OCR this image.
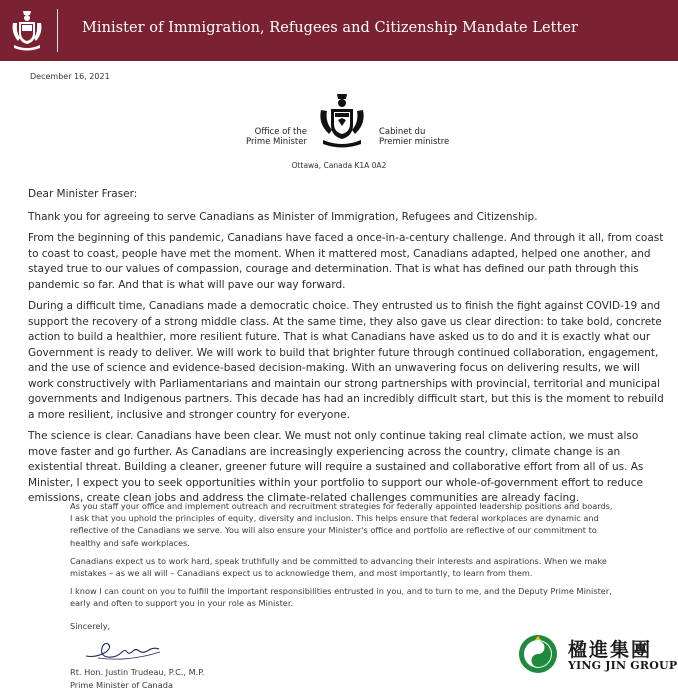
Minister of Immigration, Refugees and Citizenship Mandate Letter
December 16, 2021
Office of the
Prime Minister
Cabinet du
Premier ministre
Ottawa, Canada K1A 0A2

Dear Minister Fraser:

Thank you for agreeing to serve Canadians as Minister of Immigration, Refugees and Citizenship.

From the beginning of this pandemic, Canadians have faced a once-in-a-century challenge. And through it all, from coast to coast to coast, people have met the moment. When it mattered most, Canadians adapted, helped one another, and stayed true to our values of compassion, courage and determination. That is what has defined our path through this pandemic so far. And that is what will pave our way forward.

During a difficult time, Canadians made a democratic choice. They entrusted us to finish the fight against COVID-19 and support the recovery of a strong middle class. At the same time, they also gave us clear direction: to take bold, concrete action to build a healthier, more resilient future. That is what Canadians have asked us to do and it is exactly what our Government is ready to deliver. We will work to build that brighter future through continued collaboration, engagement, and the use of science and evidence-based decision-making. With an unwavering focus on delivering results, we will work constructively with Parliamentarians and maintain our strong partnerships with provincial, territorial and municipal governments and Indigenous partners. This decade has had an incredibly difficult start, but this is the moment to rebuild a more resilient, inclusive and stronger country for everyone.

The science is clear. Canadians have been clear. We must not only continue taking real climate action, we must also move faster and go further. As Canadians are increasingly experiencing across the country, climate change is an existential threat. Building a cleaner, greener future will require a sustained and collaborative effort from all of us. As Minister, I expect you to seek opportunities within your portfolio to support our whole-of-government effort to reduce emissions, create clean jobs and address the climate-related challenges communities are already facing.

As you staff your office and implement outreach and recruitment strategies for federally appointed leadership positions and boards, I ask that you uphold the principles of equity, diversity and inclusion. This helps ensure that federal workplaces are dynamic and reflective of the Canadians we serve. You will also ensure your Minister's office and portfolio are reflective of our commitment to healthy and safe workplaces.

Canadians expect us to work hard, speak truthfully and be committed to advancing their interests and aspirations. When we make mistakes – as we all will – Canadians expect us to acknowledge them, and most importantly, to learn from them.

I know I can count on you to fulfill the important responsibilities entrusted in you, and to turn to me, and the Deputy Prime Minister, early and often to support you in your role as Minister.

Sincerely,
Rt. Hon. Justin Trudeau, P.C., M.P.
Prime Minister of Canada
楹進集團
YING JIN GROUP
